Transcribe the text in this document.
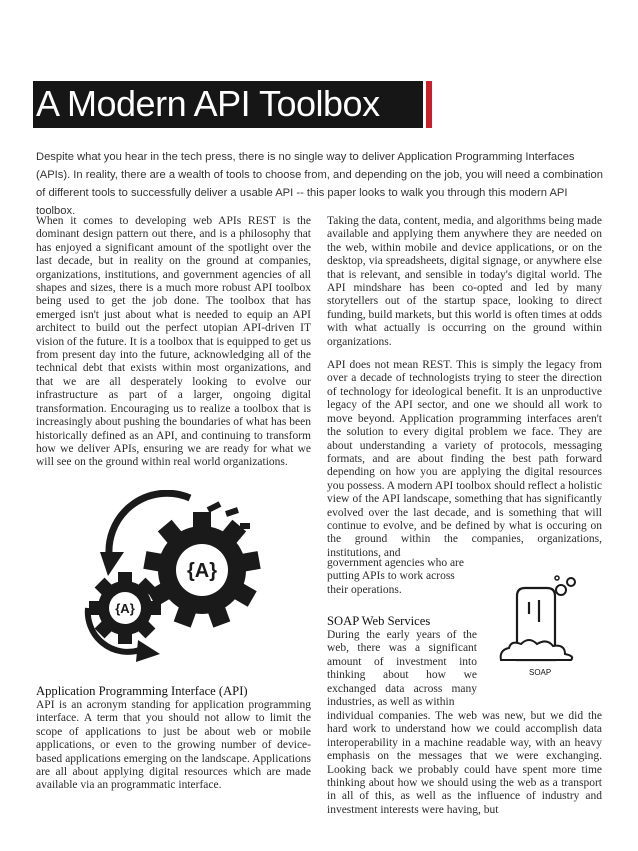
A Modern API Toolbox
Despite what you hear in the tech press, there is no single way to deliver Application Programming Interfaces (APIs). In reality, there are a wealth of tools to choose from, and depending on the job, you will need a combination of different tools to successfully deliver a usable API -- this paper looks to walk you through this modern API toolbox.

When it comes to developing web APIs REST is the dominant design pattern out there, and is a philosophy that has enjoyed a significant amount of the spotlight over the last decade, but in reality on the ground at companies, organizations, institutions, and government agencies of all shapes and sizes, there is a much more robust API toolbox being used to get the job done. The toolbox that has emerged isn't just about what is needed to equip an API architect to build out the perfect utopian API-driven IT vision of the future. It is a toolbox that is equipped to get us from present day into the future, acknowledging all of the technical debt that exists within most organizations, and that we are all desperately looking to evolve our infrastructure as part of a larger, ongoing digital transformation. Encouraging us to realize a toolbox that is increasingly about pushing the boundaries of what has been historically defined as an API, and continuing to transform how we deliver APIs, ensuring we are ready for what we will see on the ground within real world organizations.

{A}
{A}
Application Programming Interface (API)

API is an acronym standing for application programming interface. A term that you should not allow to limit the scope of applications to just be about web or mobile applications, or even to the growing number of device-based applications emerging on the landscape. Applications are all about applying digital resources which are made available via an programmatic interface.

Taking the data, content, media, and algorithms being made available and applying them anywhere they are needed on the web, within mobile and device applications, or on the desktop, via spreadsheets, digital signage, or anywhere else that is relevant, and sensible in today's digital world. The API mindshare has been co-opted and led by many storytellers out of the startup space, looking to direct funding, build markets, but this world is often times at odds with what actually is occurring on the ground within organizations.

API does not mean REST. This is simply the legacy from over a decade of technologists trying to steer the direction of technology for ideological benefit. It is an unproductive legacy of the API sector, and one we should all work to move beyond. Application programming interfaces aren't the solution to every digital problem we face. They are about understanding a variety of protocols, messaging formats, and are about finding the best path forward depending on how you are applying the digital resources you possess. A modern API toolbox should reflect a holistic view of the API landscape, something that has significantly evolved over the last decade, and is something that will continue to evolve, and be defined by what is occuring on the ground within the companies, organizations, institutions, and

government agencies who are putting APIs to work across their operations.
SOAP Web Services
During the early years of the web, there was a significant amount of investment into thinking about how we exchanged data across many industries, as well as within
individual companies. The web was new, but we did the hard work to understand how we could accomplish data interoperability in a machine readable way, with an heavy emphasis on the messages that we were exchanging. Looking back we probably could have spent more time thinking about how we should using the web as a transport in all of this, as well as the influence of industry and investment interests were having, but
SOAP
